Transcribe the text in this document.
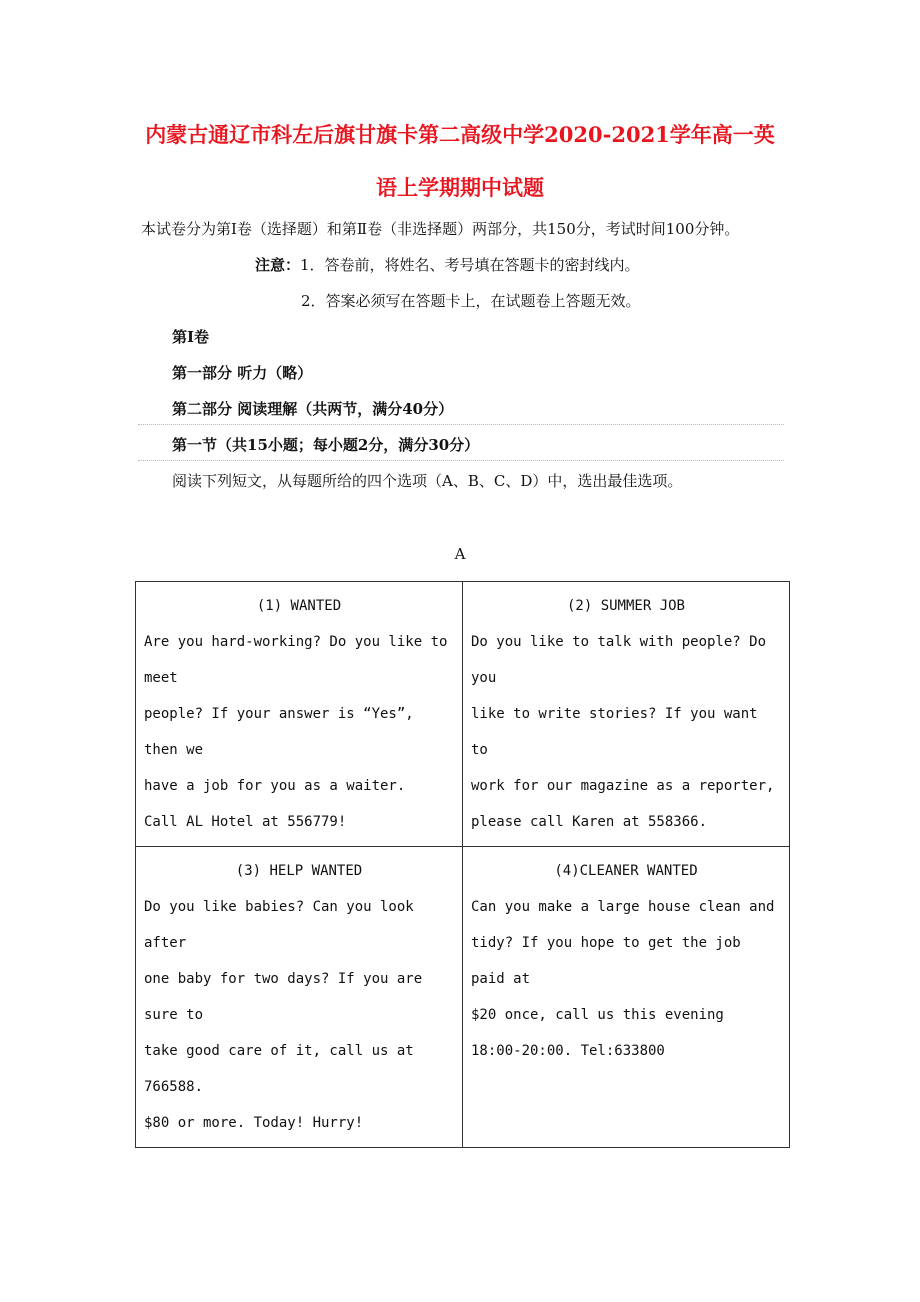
内蒙古通辽市科左后旗甘旗卡第二高级中学2020-2021学年高一英
语上学期期中试题
本试卷分为第Ⅰ卷（选择题）和第Ⅱ卷（非选择题）两部分，共150分，考试时间100分钟。
注意：1．答卷前，将姓名、考号填在答题卡的密封线内。
2．答案必须写在答题卡上，在试题卷上答题无效。
第Ⅰ卷
第一部分 听力（略）
第二部分 阅读理解（共两节，满分40分）
第一节（共15小题；每小题2分，满分30分）
阅读下列短文，从每题所给的四个选项（A、B、C、D）中，选出最佳选项。
A
(1) WANTED
Are you hard-working? Do you like to meet
people? If your answer is “Yes”, then we
have a job for you as a waiter.
Call AL Hotel at 556779!	(2) SUMMER JOB
Do you like to talk with people? Do you
like to write stories? If you want to
work for our magazine as a reporter,
please call Karen at 558366.

(3) HELP WANTED
Do you like babies? Can you look after
one baby for two days? If you are sure to
take good care of it, call us at 766588.
$80 or more. Today! Hurry!	(4)CLEANER WANTED
Can you make a large house clean and
tidy? If you hope to get the job paid at
$20 once, call us this evening
18:00-20:00. Tel:633800
